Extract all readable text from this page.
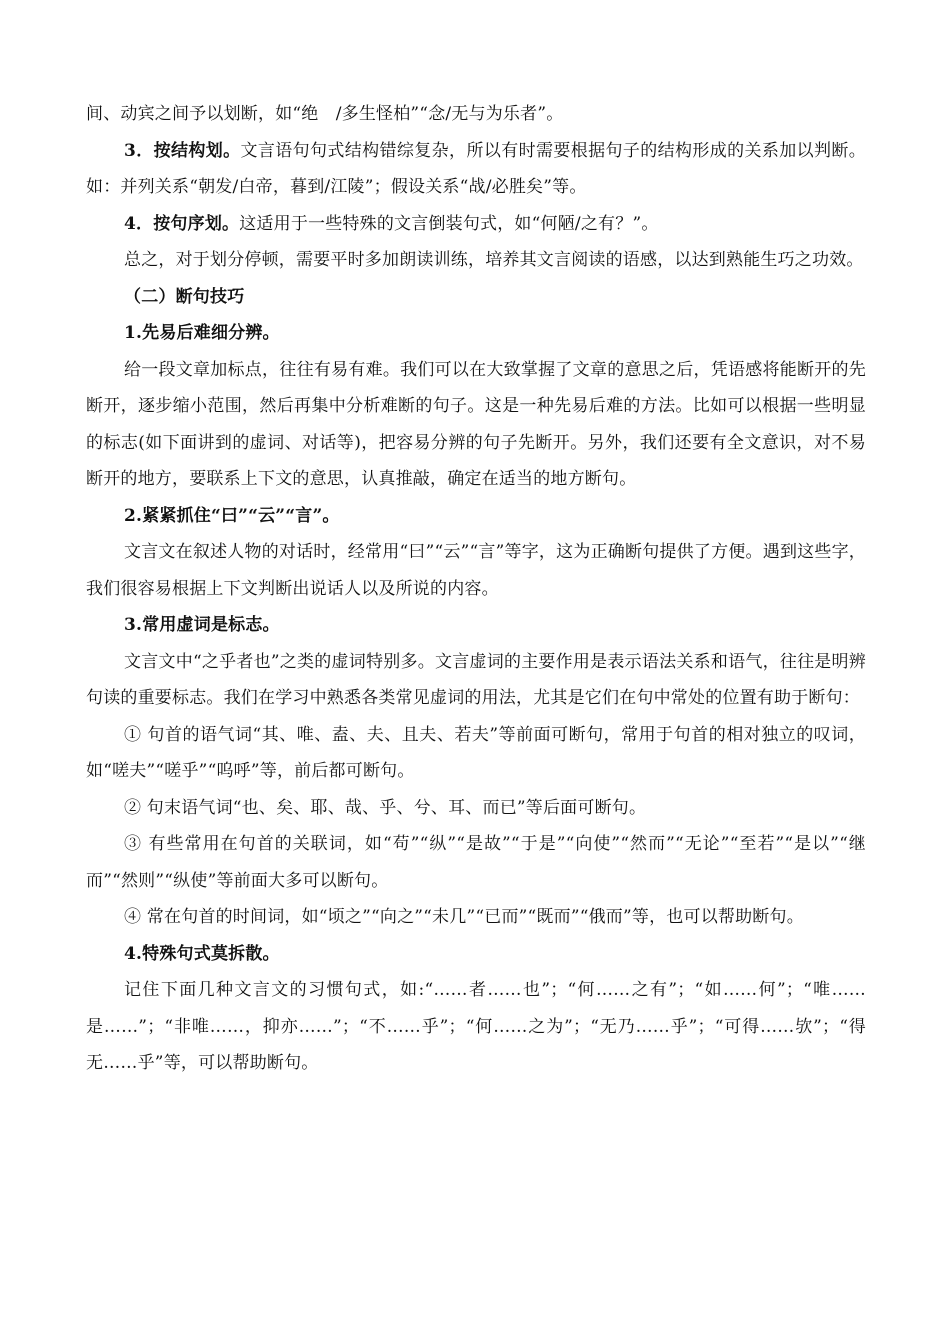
间、动宾之间予以划断，如“绝　/多生怪柏”“念/无与为乐者”。

3．按结构划。文言语句句式结构错综复杂，所以有时需要根据句子的结构形成的关系加以判断。如：并列关系“朝发/白帝，暮到/江陵”；假设关系“战/必胜矣”等。

4．按句序划。这适用于一些特殊的文言倒装句式，如“何陋/之有？”。

总之，对于划分停顿，需要平时多加朗读训练，培养其文言阅读的语感，以达到熟能生巧之功效。

（二）断句技巧

1.先易后难细分辨。

给一段文章加标点，往往有易有难。我们可以在大致掌握了文章的意思之后，凭语感将能断开的先断开，逐步缩小范围，然后再集中分析难断的句子。这是一种先易后难的方法。比如可以根据一些明显的标志(如下面讲到的虚词、对话等)，把容易分辨的句子先断开。另外，我们还要有全文意识，对不易断开的地方，要联系上下文的意思，认真推敲，确定在适当的地方断句。

2.紧紧抓住“曰”“云”“言”。

文言文在叙述人物的对话时，经常用“曰”“云”“言”等字，这为正确断句提供了方便。遇到这些字，我们很容易根据上下文判断出说话人以及所说的内容。

3.常用虚词是标志。

文言文中“之乎者也”之类的虚词特别多。文言虚词的主要作用是表示语法关系和语气，往往是明辨句读的重要标志。我们在学习中熟悉各类常见虚词的用法，尤其是它们在句中常处的位置有助于断句：

① 句首的语气词“其、唯、盍、夫、且夫、若夫”等前面可断句，常用于句首的相对独立的叹词，如“嗟夫”“嗟乎”“呜呼”等，前后都可断句。

② 句末语气词“也、矣、耶、哉、乎、兮、耳、而已”等后面可断句。

③ 有些常用在句首的关联词，如“苟”“纵”“是故”“于是”“向使”“然而”“无论”“至若”“是以”“继而”“然则”“纵使”等前面大多可以断句。

④ 常在句首的时间词，如“顷之”“向之”“未几”“已而”“既而”“俄而”等，也可以帮助断句。

4.特殊句式莫拆散。

记住下面几种文言文的习惯句式，如:“……者……也”；“何……之有”；“如……何”；“唯……是……”；“非唯……，抑亦……”；“不……乎”；“何……之为”；“无乃……乎”；“可得……欤”；“得无……乎”等，可以帮助断句。
